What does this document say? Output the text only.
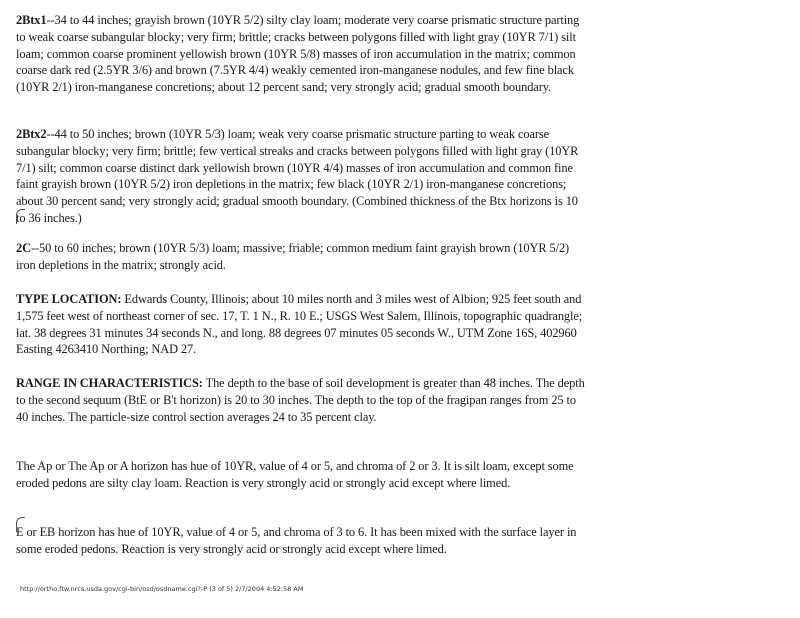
2Btx1--34 to 44 inches; grayish brown (10YR 5/2) silty clay loam; moderate very coarse prismatic structure parting to weak coarse subangular blocky; very firm; brittle; cracks between polygons filled with light gray (10YR 7/1) silt loam; common coarse prominent yellowish brown (10YR 5/8) masses of iron accumulation in the matrix; common coarse dark red (2.5YR 3/6) and brown (7.5YR 4/4) weakly cemented iron-manganese nodules, and few fine black (10YR 2/1) iron-manganese concretions; about 12 percent sand; very strongly acid; gradual smooth boundary.

2Btx2--44 to 50 inches; brown (10YR 5/3) loam; weak very coarse prismatic structure parting to weak coarse subangular blocky; very firm; brittle; few vertical streaks and cracks between polygons filled with light gray (10YR 7/1) silt; common coarse distinct dark yellowish brown (10YR 4/4) masses of iron accumulation and common fine faint grayish brown (10YR 5/2) iron depletions in the matrix; few black (10YR 2/1) iron-manganese concretions; about 30 percent sand; very strongly acid; gradual smooth boundary. (Combined thickness of the Btx horizons is 10 to 36 inches.)

2C--50 to 60 inches; brown (10YR 5/3) loam; massive; friable; common medium faint grayish brown (10YR 5/2) iron depletions in the matrix; strongly acid.

TYPE LOCATION: Edwards County, Illinois; about 10 miles north and 3 miles west of Albion; 925 feet south and 1,575 feet west of northeast corner of sec. 17, T. 1 N., R. 10 E.; USGS West Salem, Illinois, topographic quadrangle; lat. 38 degrees 31 minutes 34 seconds N., and long. 88 degrees 07 minutes 05 seconds W., UTM Zone 16S, 402960 Easting 4263410 Northing; NAD 27.

RANGE IN CHARACTERISTICS: The depth to the base of soil development is greater than 48 inches. The depth to the second sequum (BtE or B't horizon) is 20 to 30 inches. The depth to the top of the fragipan ranges from 25 to 40 inches. The particle-size control section averages 24 to 35 percent clay.

The Ap or The Ap or A horizon has hue of 10YR, value of 4 or 5, and chroma of 2 or 3. It is silt loam, except some eroded pedons are silty clay loam. Reaction is very strongly acid or strongly acid except where limed.

E or EB horizon has hue of 10YR, value of 4 or 5, and chroma of 3 to 6. It has been mixed with the surface layer in some eroded pedons. Reaction is very strongly acid or strongly acid except where limed.

http://ortho.ftw.nrcs.usda.gov/cgi-bin/osd/osdname.cgi?-P (3 of 5) 2/7/2004 4:52:58 AM
